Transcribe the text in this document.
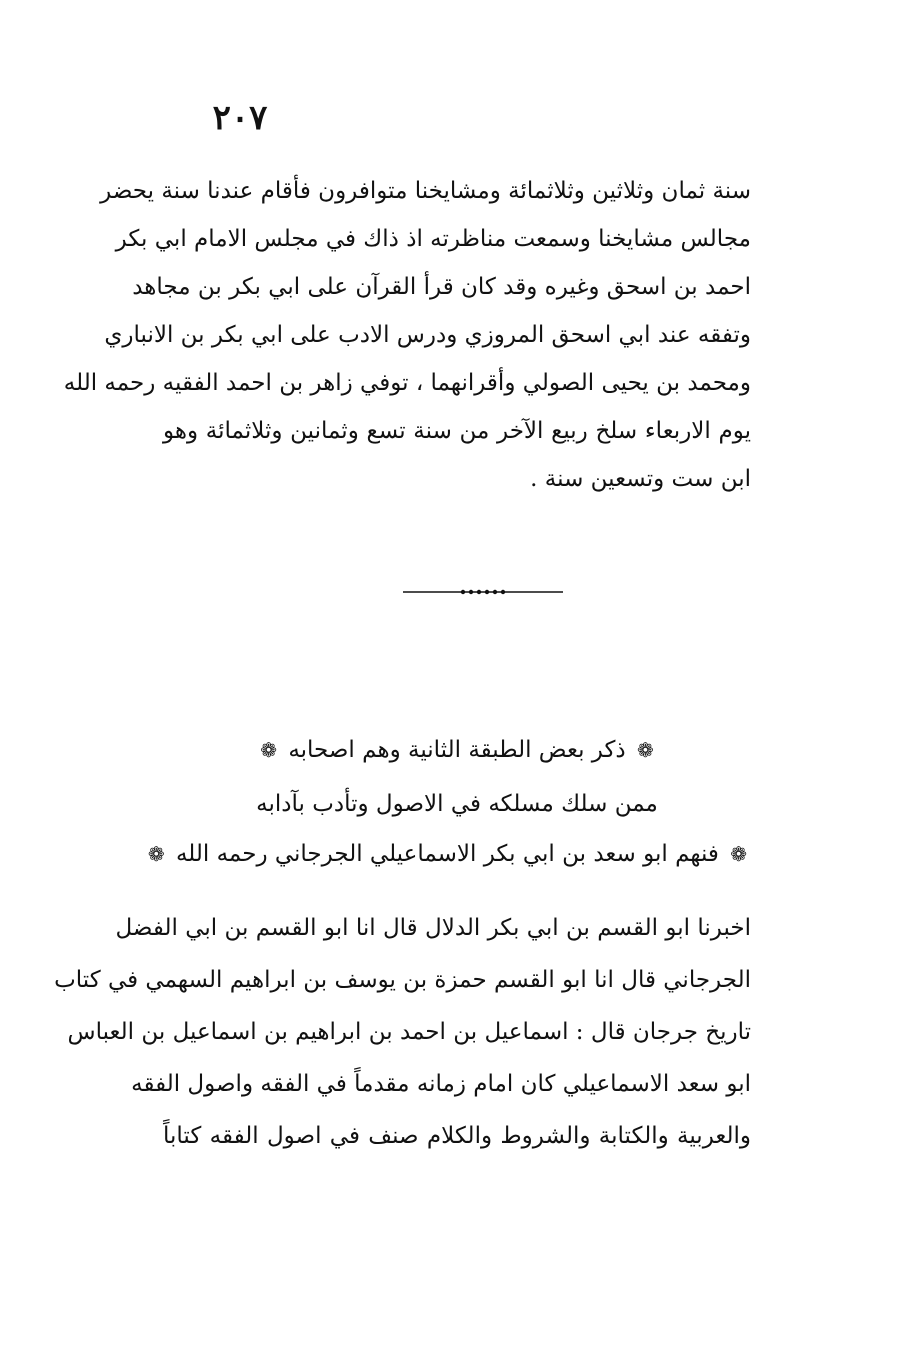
٢٠٧
سنة ثمان وثلاثين وثلاثمائة ومشايخنا متوافرون فأقام عندنا سنة يحضر
مجالس مشايخنا وسمعت مناظرته اذ ذاك في مجلس الامام ابي بكر
احمد بن اسحق وغيره وقد كان قرأ القرآن على ابي بكر بن مجاهد
وتفقه عند ابي اسحق المروزي ودرس الادب على ابي بكر بن الانباري
ومحمد بن يحيى الصولي وأقرانهما ، توفي زاهر بن احمد الفقيه رحمه الله
يوم الاربعاء سلخ ربيع الآخر من سنة تسع وثمانين وثلاثمائة وهو
ابن ست وتسعين سنة .
❁ ذكر بعض الطبقة الثانية وهم اصحابه ❁
ممن سلك مسلكه في الاصول وتأدب بآدابه
❁ فنهم ابو سعد بن ابي بكر الاسماعيلي الجرجاني رحمه الله ❁
اخبرنا ابو القسم بن ابي بكر الدلال قال انا ابو القسم بن ابي الفضل
الجرجاني قال انا ابو القسم حمزة بن يوسف بن ابراهيم السهمي في كتاب
تاريخ جرجان قال : اسماعيل بن احمد بن ابراهيم بن اسماعيل بن العباس
ابو سعد الاسماعيلي كان امام زمانه مقدماً في الفقه واصول الفقه
والعربية والكتابة والشروط والكلام صنف في اصول الفقه كتاباً
